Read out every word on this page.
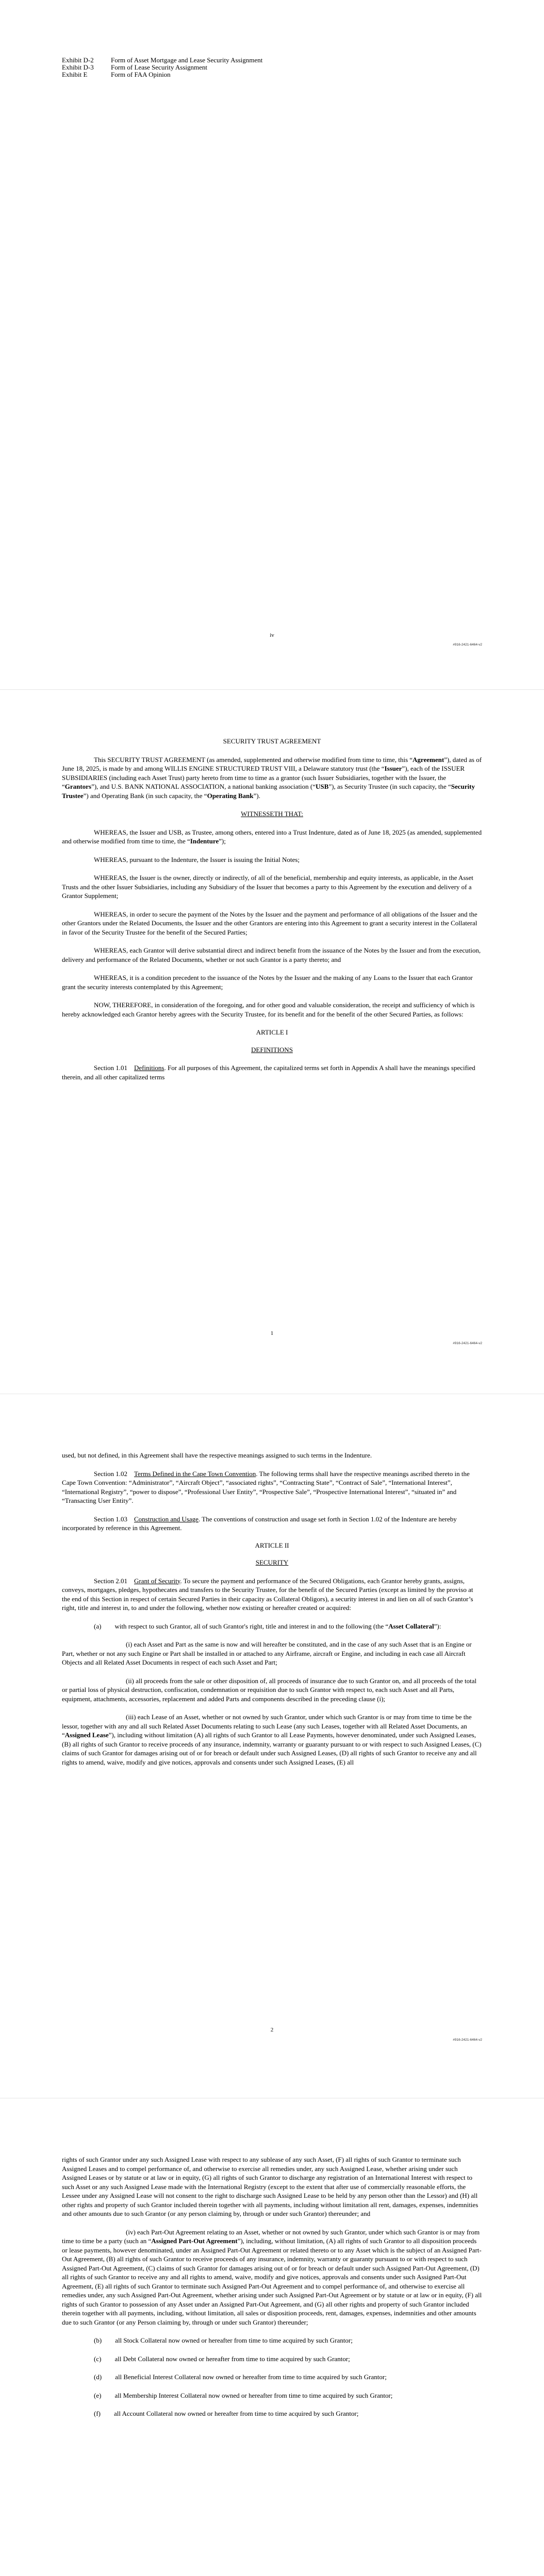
Exhibit D-2	Form of Asset Mortgage and Lease Security Assignment
Exhibit D-3	Form of Lease Security Assignment
Exhibit E	Form of FAA Opinion
iv
#916-2421-6464-v2

SECURITY TRUST AGREEMENT

This SECURITY TRUST AGREEMENT (as amended, supplemented and otherwise modified from time to time, this “Agreement”), dated as of June 18, 2025, is made by and among WILLIS ENGINE STRUCTURED TRUST VIII, a Delaware statutory trust (the “Issuer”), each of the ISSUER SUBSIDIARIES (including each Asset Trust) party hereto from time to time as a grantor (such Issuer Subsidiaries, together with the Issuer, the “Grantors”), and U.S. BANK NATIONAL ASSOCIATION, a national banking association (“USB”), as Security Trustee (in such capacity, the “Security Trustee”) and Operating Bank (in such capacity, the “Operating Bank”).

WITNESSETH THAT:

WHEREAS, the Issuer and USB, as Trustee, among others, entered into a Trust Indenture, dated as of June 18, 2025 (as amended, supplemented and otherwise modified from time to time, the “Indenture”);

WHEREAS, pursuant to the Indenture, the Issuer is issuing the Initial Notes;

WHEREAS, the Issuer is the owner, directly or indirectly, of all of the beneficial, membership and equity interests, as applicable, in the Asset Trusts and the other Issuer Subsidiaries, including any Subsidiary of the Issuer that becomes a party to this Agreement by the execution and delivery of a Grantor Supplement;

WHEREAS, in order to secure the payment of the Notes by the Issuer and the payment and performance of all obligations of the Issuer and the other Grantors under the Related Documents, the Issuer and the other Grantors are entering into this Agreement to grant a security interest in the Collateral in favor of the Security Trustee for the benefit of the Secured Parties;

WHEREAS, each Grantor will derive substantial direct and indirect benefit from the issuance of the Notes by the Issuer and from the execution, delivery and performance of the Related Documents, whether or not such Grantor is a party thereto; and

WHEREAS, it is a condition precedent to the issuance of the Notes by the Issuer and the making of any Loans to the Issuer that each Grantor grant the security interests contemplated by this Agreement;

NOW, THEREFORE, in consideration of the foregoing, and for other good and valuable consideration, the receipt and sufficiency of which is hereby acknowledged each Grantor hereby agrees with the Security Trustee, for its benefit and for the benefit of the other Secured Parties, as follows:

ARTICLE I

DEFINITIONS

Section 1.01 Definitions. For all purposes of this Agreement, the capitalized terms set forth in Appendix A shall have the meanings specified therein, and all other capitalized terms

1
#916-2421-6464-v2

used, but not defined, in this Agreement shall have the respective meanings assigned to such terms in the Indenture.

Section 1.02 Terms Defined in the Cape Town Convention. The following terms shall have the respective meanings ascribed thereto in the Cape Town Convention: “Administrator”, “Aircraft Object”, “associated rights”, “Contracting State”, “Contract of Sale”, “International Interest”, “International Registry”, “power to dispose”, “Professional User Entity”, “Prospective Sale”, “Prospective International Interest”, “situated in” and “Transacting User Entity”.

Section 1.03 Construction and Usage. The conventions of construction and usage set forth in Section 1.02 of the Indenture are hereby incorporated by reference in this Agreement.

ARTICLE II

SECURITY

Section 2.01 Grant of Security. To secure the payment and performance of the Secured Obligations, each Grantor hereby grants, assigns, conveys, mortgages, pledges, hypothecates and transfers to the Security Trustee, for the benefit of the Secured Parties (except as limited by the proviso at the end of this Section in respect of certain Secured Parties in their capacity as Collateral Obligors), a security interest in and lien on all of such Grantor’s right, title and interest in, to and under the following, whether now existing or hereafter created or acquired:

(a) with respect to such Grantor, all of such Grantor's right, title and interest in and to the following (the “Asset Collateral”):

(i) each Asset and Part as the same is now and will hereafter be constituted, and in the case of any such Asset that is an Engine or Part, whether or not any such Engine or Part shall be installed in or attached to any Airframe, aircraft or Engine, and including in each case all Aircraft Objects and all Related Asset Documents in respect of each such Asset and Part;

(ii) all proceeds from the sale or other disposition of, all proceeds of insurance due to such Grantor on, and all proceeds of the total or partial loss of physical destruction, confiscation, condemnation or requisition due to such Grantor with respect to, each such Asset and all Parts, equipment, attachments, accessories, replacement and added Parts and components described in the preceding clause (i);

(iii) each Lease of an Asset, whether or not owned by such Grantor, under which such Grantor is or may from time to time be the lessor, together with any and all such Related Asset Documents relating to such Lease (any such Leases, together with all Related Asset Documents, an “Assigned Lease”), including without limitation (A) all rights of such Grantor to all Lease Payments, however denominated, under such Assigned Leases, (B) all rights of such Grantor to receive proceeds of any insurance, indemnity, warranty or guaranty pursuant to or with respect to such Assigned Leases, (C) claims of such Grantor for damages arising out of or for breach or default under such Assigned Leases, (D) all rights of such Grantor to receive any and all rights to amend, waive, modify and give notices, approvals and consents under such Assigned Leases, (E) all

2
#916-2421-6464-v2

rights of such Grantor under any such Assigned Lease with respect to any sublease of any such Asset, (F) all rights of such Grantor to terminate such Assigned Leases and to compel performance of, and otherwise to exercise all remedies under, any such Assigned Lease, whether arising under such Assigned Leases or by statute or at law or in equity, (G) all rights of such Grantor to discharge any registration of an International Interest with respect to such Asset or any such Assigned Lease made with the International Registry (except to the extent that after use of commercially reasonable efforts, the Lessee under any Assigned Lease will not consent to the right to discharge such Assigned Lease to be held by any person other than the Lessor) and (H) all other rights and property of such Grantor included therein together with all payments, including without limitation all rent, damages, expenses, indemnities and other amounts due to such Grantor (or any person claiming by, through or under such Grantor) thereunder; and

(iv) each Part-Out Agreement relating to an Asset, whether or not owned by such Grantor, under which such Grantor is or may from time to time be a party (such an “Assigned Part-Out Agreement”), including, without limitation, (A) all rights of such Grantor to all disposition proceeds or lease payments, however denominated, under an Assigned Part-Out Agreement or related thereto or to any Asset which is the subject of an Assigned Part-Out Agreement, (B) all rights of such Grantor to receive proceeds of any insurance, indemnity, warranty or guaranty pursuant to or with respect to such Assigned Part-Out Agreement, (C) claims of such Grantor for damages arising out of or for breach or default under such Assigned Part-Out Agreement, (D) all rights of such Grantor to receive any and all rights to amend, waive, modify and give notices, approvals and consents under such Assigned Part-Out Agreement, (E) all rights of such Grantor to terminate such Assigned Part-Out Agreement and to compel performance of, and otherwise to exercise all remedies under, any such Assigned Part-Out Agreement, whether arising under such Assigned Part-Out Agreement or by statute or at law or in equity, (F) all rights of such Grantor to possession of any Asset under an Assigned Part-Out Agreement, and (G) all other rights and property of such Grantor included therein together with all payments, including, without limitation, all sales or disposition proceeds, rent, damages, expenses, indemnities and other amounts due to such Grantor (or any Person claiming by, through or under such Grantor) thereunder;

(b) all Stock Collateral now owned or hereafter from time to time acquired by such Grantor;

(c) all Debt Collateral now owned or hereafter from time to time acquired by such Grantor;

(d) all Beneficial Interest Collateral now owned or hereafter from time to time acquired by such Grantor;

(e) all Membership Interest Collateral now owned or hereafter from time to time acquired by such Grantor;

(f) all Account Collateral now owned or hereafter from time to time acquired by such Grantor;
